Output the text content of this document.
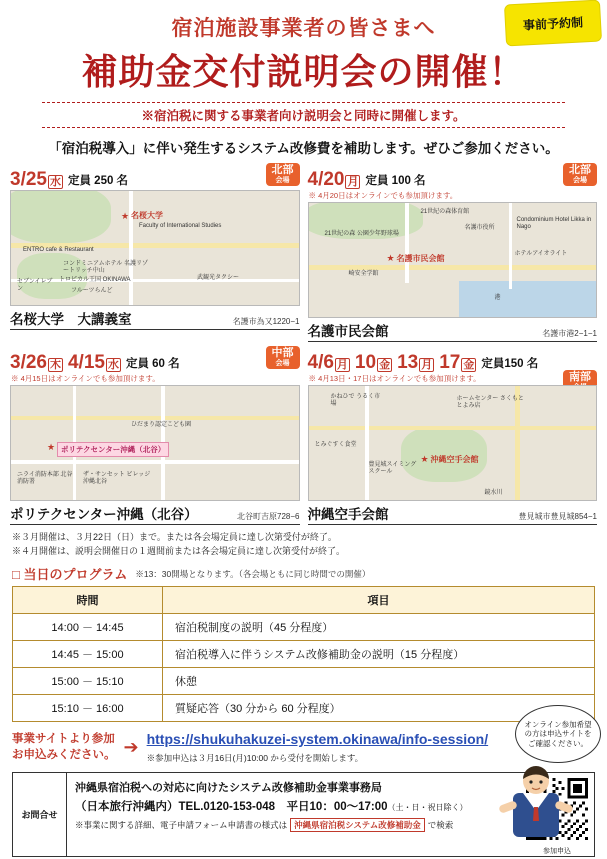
事前予約制
宿泊施設事業者の皆さまへ
補助金交付説明会の開催！
※宿泊税に関する事業者向け説明会と同時に開催します。
「宿泊税導入」に伴い発生するシステム改修費を補助します。ぜひご参加ください。
3/25 水 定員 250 名
北部
会場
★ 名桜大学
Faculty of International Studies
ENTRO cafe & Restaurant
コンドミニアムホテル 名護リゾートリッチ中山
セブンイレブン
トロピカル王国 OKINAWA
フルーツらんど
武観光タクシー
名桜大学　大講義室	名護市為又1220−1
4/20 月 定員 100 名
北部
会場
※ 4月20日はオンラインでも参加頂けます。
21世紀の森体育館
名護市役所
Condominium Hotel Likka in Nago
21世紀の森 公園少年野球場
★ 名護市民会館	ホテルアイオライト
崎安全学館
港
名護市民会館	名護市港2−1−1
3/26 木 4/15 水 定員 60 名
中部
会場
※ 4月15日はオンラインでも参加頂けます。
ひだまり認定こども園
★ ポリテクセンター沖縄（北谷）
ニライ消防本部 北谷消防署
ザ・サンセット ビレッジ沖縄北谷
ポリテクセンター沖縄（北谷）	北谷町吉原728−6
4/6 月 10 金 13 月 17 金 定員150 名
※ 4月13日・17日はオンラインでも参加頂けます。	南部
かねひで うるく市場
ホームセンター さくもと とよみ店
とみぐすく食堂
豊見城スイミングスクール
★ 沖縄空手会館
鏡水川
沖縄空手会館	豊見城市豊見城854−1
オンライン参加希望の方は申込サイトをご確認ください。
※３月開催は、３月22日（日）まで。または各会場定員に達し次第受付が終了。
※４月開催は、説明会開催日の１週間前または各会場定員に達し次第受付が終了。
□ 当日のプログラム ※13：30開場となります。（各会場ともに同じ時間での開催）
時間	項目
14:00 － 14:45	宿泊税制度の説明（45 分程度）
14:45 － 15:00	宿泊税導入に伴うシステム改修補助金の説明（15 分程度）
15:00 － 15:10	休憩
15:10 － 16:00	質疑応答（30 分から 60 分程度）
事業サイトより参加
お申込みください。 ➔ https://shukuhakuzei-system.okinawa/info-session/
※参加申込は３月16日(月)10:00 から受付を開始します。
お問合せ
沖縄県宿泊税への対応に向けたシステム改修補助金事業事務局
（日本旅行沖縄内）TEL.0120-153-048　平日10：00〜17:00（土・日・祝日除く）
※事業に関する詳細、電子申請フォーム申請書の様式は 沖縄県宿泊税システム改修補助金 で検索
参加申込
